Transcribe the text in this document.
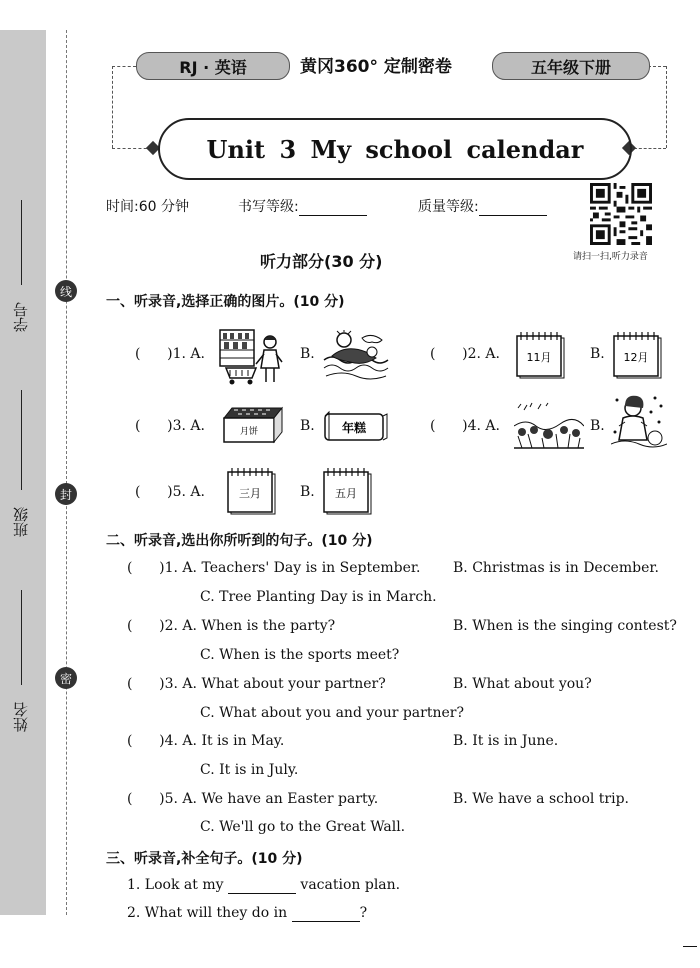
学号
班级
姓名
线
封
密
RJ · 英语	黄冈360° 定制密卷	五年级下册
Unit 3 My school calendar
时间:60 分钟	书写等级:	质量等级:
请扫一扫,听力录音
听力部分(30 分)
一、听录音,选择正确的图片。(10 分)
(      )1. A.	B.	(      )2. A. 11月	B. 12月
(      )3. A.	月饼	B. 年糕	(      )4. A.	B.
(      )5. A.	三月	B. 五月
二、听录音,选出你所听到的句子。(10 分)
(      )1. A. Teachers' Day is in September. B. Christmas is in December.
C. Tree Planting Day is in March.
(      )2. A. When is the party?	B. When is the singing contest?
C. When is the sports meet?
(      )3. A. What about your partner?	B. What about you?
C. What about you and your partner?
(      )4. A. It is in May.	B. It is in June.
C. It is in July.
(      )5. A. We have an Easter party.	B. We have a school trip.
C. We'll go to the Great Wall.
三、听录音,补全句子。(10 分)
1. Look at my	vacation plan.
2. What will they do in	?
